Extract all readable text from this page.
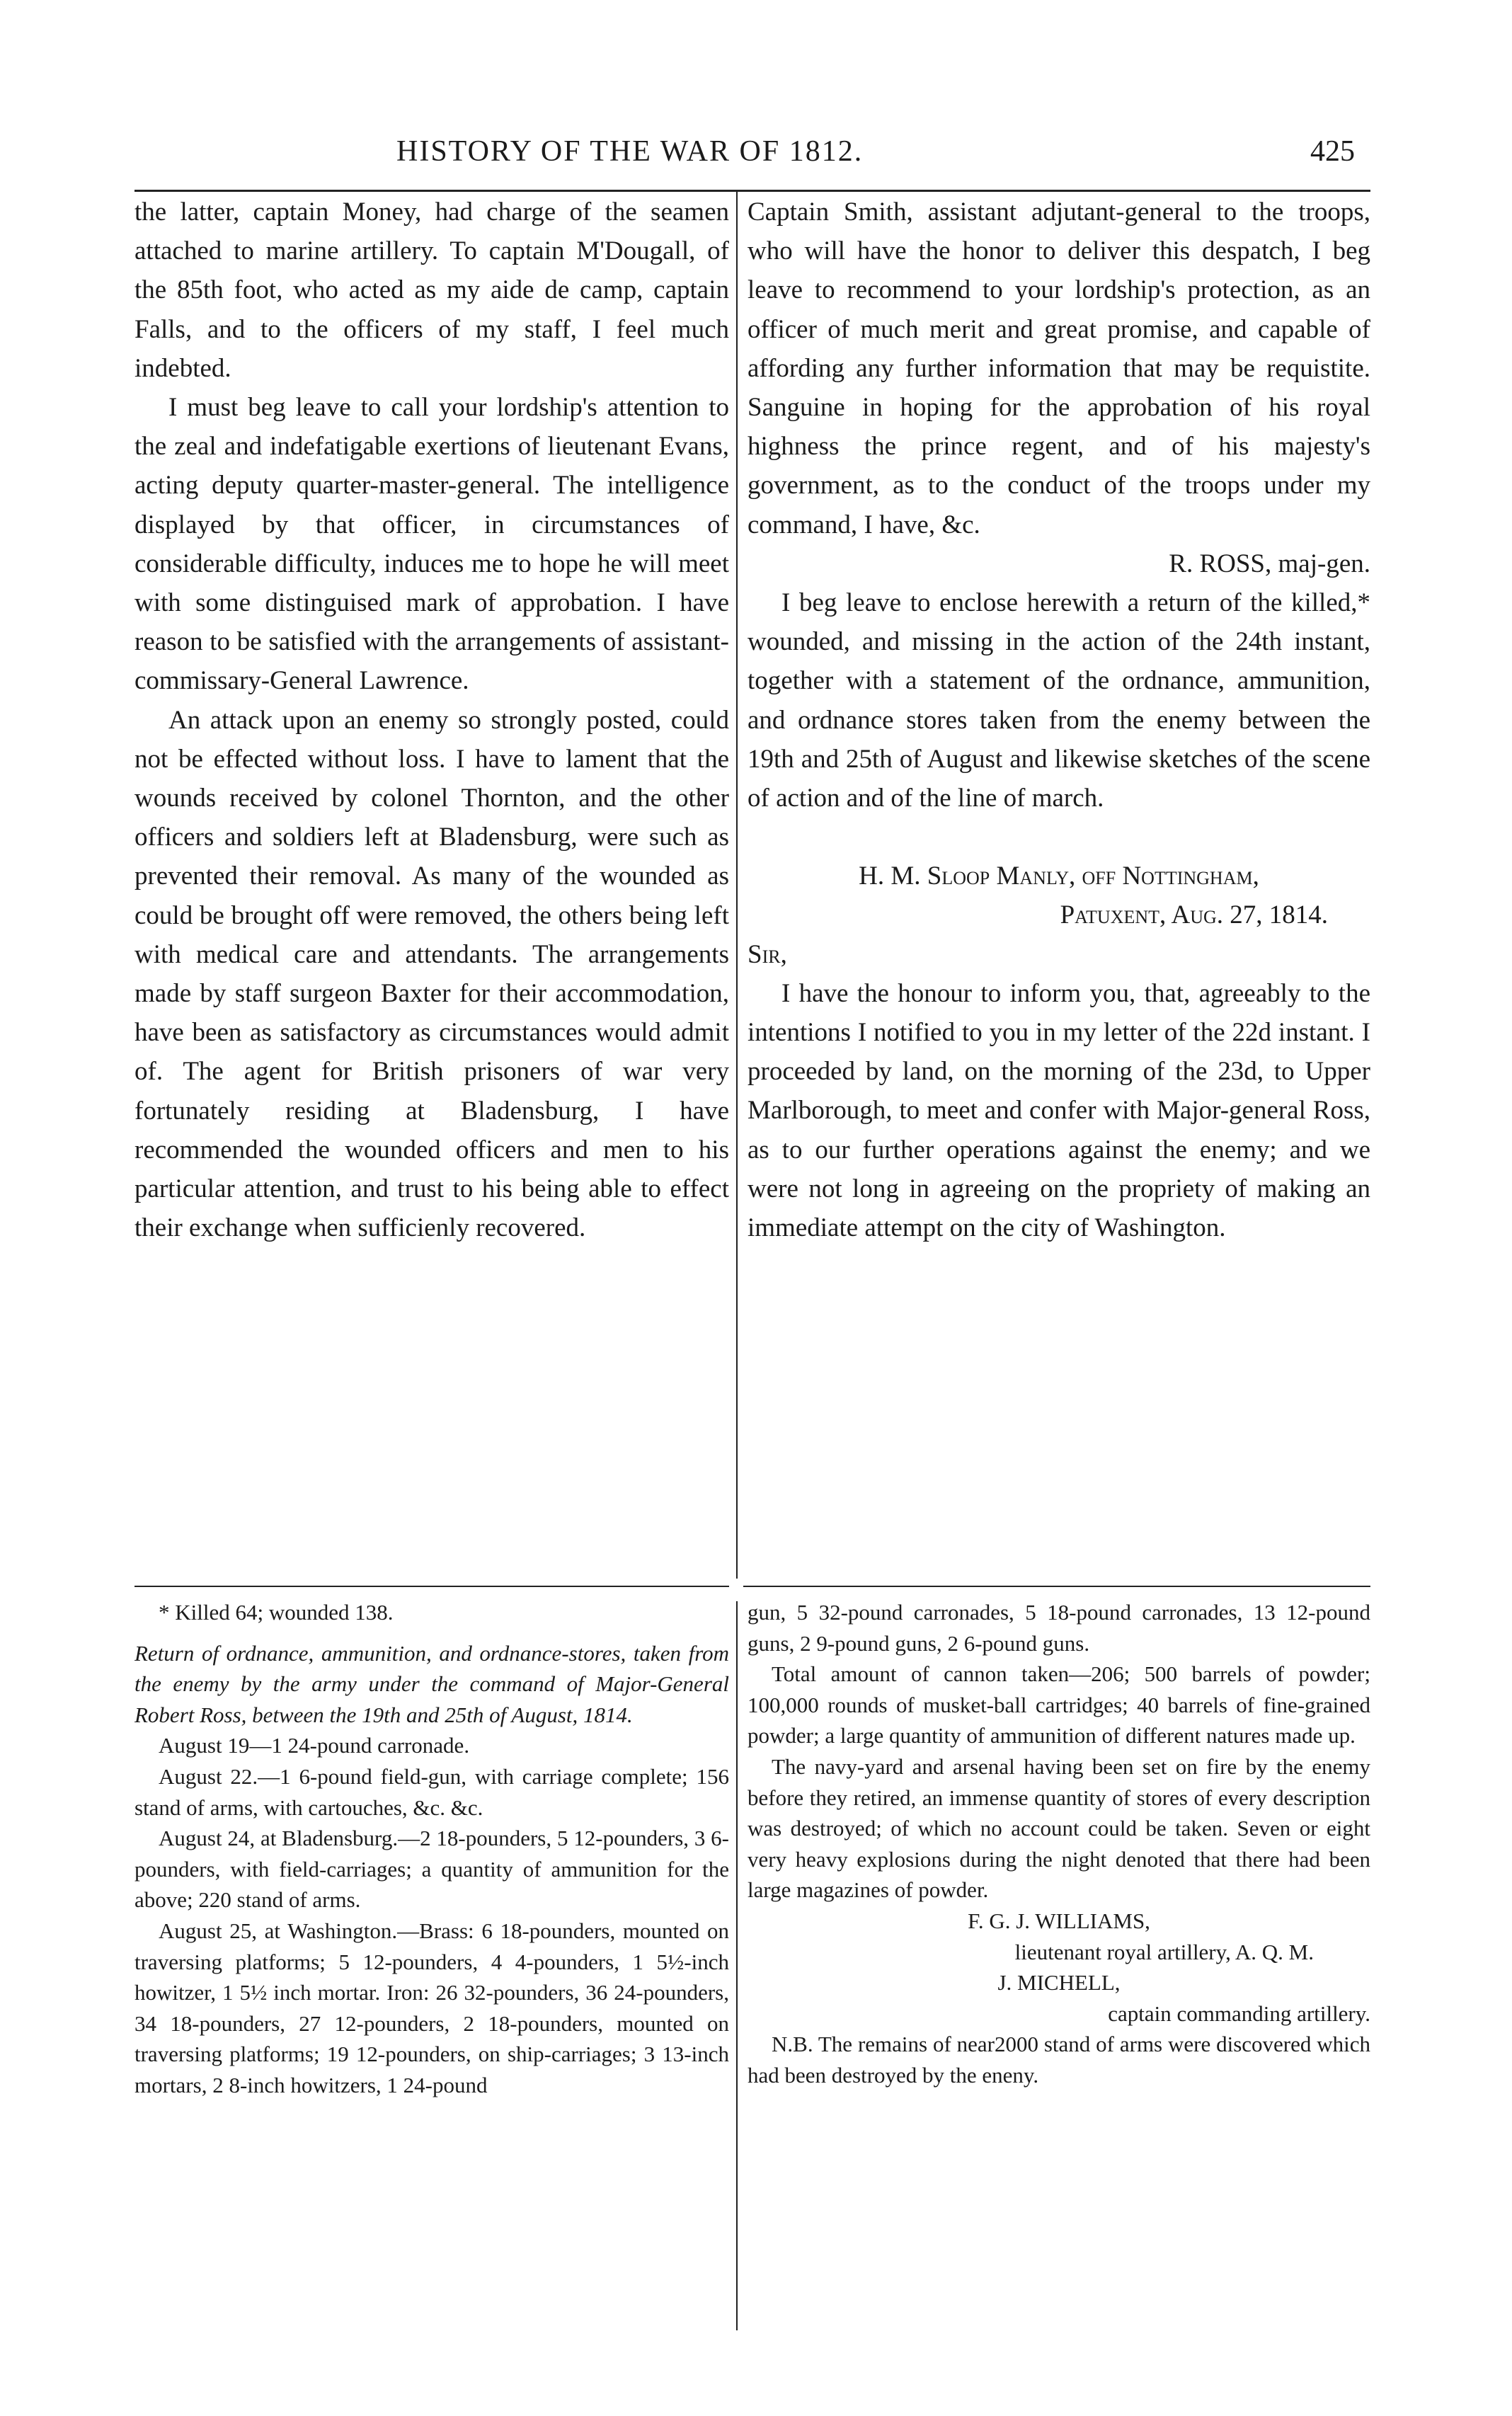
HISTORY OF THE WAR OF 1812.	425

the latter, captain Money, had charge of the seamen attached to marine artillery. To captain M'Dougall, of the 85th foot, who acted as my aide de camp, captain Falls, and to the officers of my staff, I feel much indebted.

I must beg leave to call your lordship's attention to the zeal and indefatigable exertions of lieutenant Evans, acting deputy quarter-master-general. The intelligence displayed by that officer, in circumstances of considerable difficulty, induces me to hope he will meet with some distinguised mark of approbation. I have reason to be satisfied with the arrangements of assistant-commissary-General Lawrence.

An attack upon an enemy so strongly posted, could not be effected without loss. I have to lament that the wounds received by colonel Thornton, and the other officers and soldiers left at Bladensburg, were such as prevented their removal. As many of the wounded as could be brought off were removed, the others being left with medical care and attendants. The arrangements made by staff surgeon Baxter for their accommodation, have been as satisfactory as circumstances would admit of. The agent for British prisoners of war very fortunately residing at Bladensburg, I have recommended the wounded officers and men to his particular attention, and trust to his being able to effect their exchange when sufficienly recovered.

Captain Smith, assistant adjutant-general to the troops, who will have the honor to deliver this despatch, I beg leave to recommend to your lordship's protection, as an officer of much merit and great promise, and capable of affording any further information that may be requistite. Sanguine in hoping for the approbation of his royal highness the prince regent, and of his majesty's government, as to the conduct of the troops under my command, I have, &c.

R. ROSS, maj-gen.

I beg leave to enclose herewith a return of the killed,* wounded, and missing in the action of the 24th instant, together with a statement of the ordnance, ammunition, and ordnance stores taken from the enemy between the 19th and 25th of August and likewise sketches of the scene of action and of the line of march.

H. M. Sloop Manly, off Nottingham,

Patuxent, Aug. 27, 1814.

Sir,

I have the honour to inform you, that, agreeably to the intentions I notified to you in my letter of the 22d instant. I proceeded by land, on the morning of the 23d, to Upper Marlborough, to meet and confer with Major-general Ross, as to our further operations against the enemy; and we were not long in agreeing on the propriety of making an immediate attempt on the city of Washington.

* Killed 64; wounded 138.

Return of ordnance, ammunition, and ordnance-stores, taken from the enemy by the army under the command of Major-General Robert Ross, between the 19th and 25th of August, 1814.

August 19—1 24-pound carronade.

August 22.—1 6-pound field-gun, with carriage complete; 156 stand of arms, with cartouches, &c. &c.

August 24, at Bladensburg.—2 18-pounders, 5 12-pounders, 3 6-pounders, with field-carriages; a quantity of ammunition for the above; 220 stand of arms.

August 25, at Washington.—Brass: 6 18-pounders, mounted on traversing platforms; 5 12-pounders, 4 4-pounders, 1 5½-inch howitzer, 1 5½ inch mortar. Iron: 26 32-pounders, 36 24-pounders, 34 18-pounders, 27 12-pounders, 2 18-pounders, mounted on traversing platforms; 19 12-pounders, on ship-carriages; 3 13-inch mortars, 2 8-inch howitzers, 1 24-pound

gun, 5 32-pound carronades, 5 18-pound carronades, 13 12-pound guns, 2 9-pound guns, 2 6-pound guns.

Total amount of cannon taken—206; 500 barrels of powder; 100,000 rounds of musket-ball cartridges; 40 barrels of fine-grained powder; a large quantity of ammunition of different natures made up.

The navy-yard and arsenal having been set on fire by the enemy before they retired, an immense quantity of stores of every description was destroyed; of which no account could be taken. Seven or eight very heavy explosions during the night denoted that there had been large magazines of powder.

F. G. J. WILLIAMS,

lieutenant royal artillery, A. Q. M.

J. MICHELL,

captain commanding artillery.

N.B. The remains of near2000 stand of arms were discovered which had been destroyed by the eneny.
